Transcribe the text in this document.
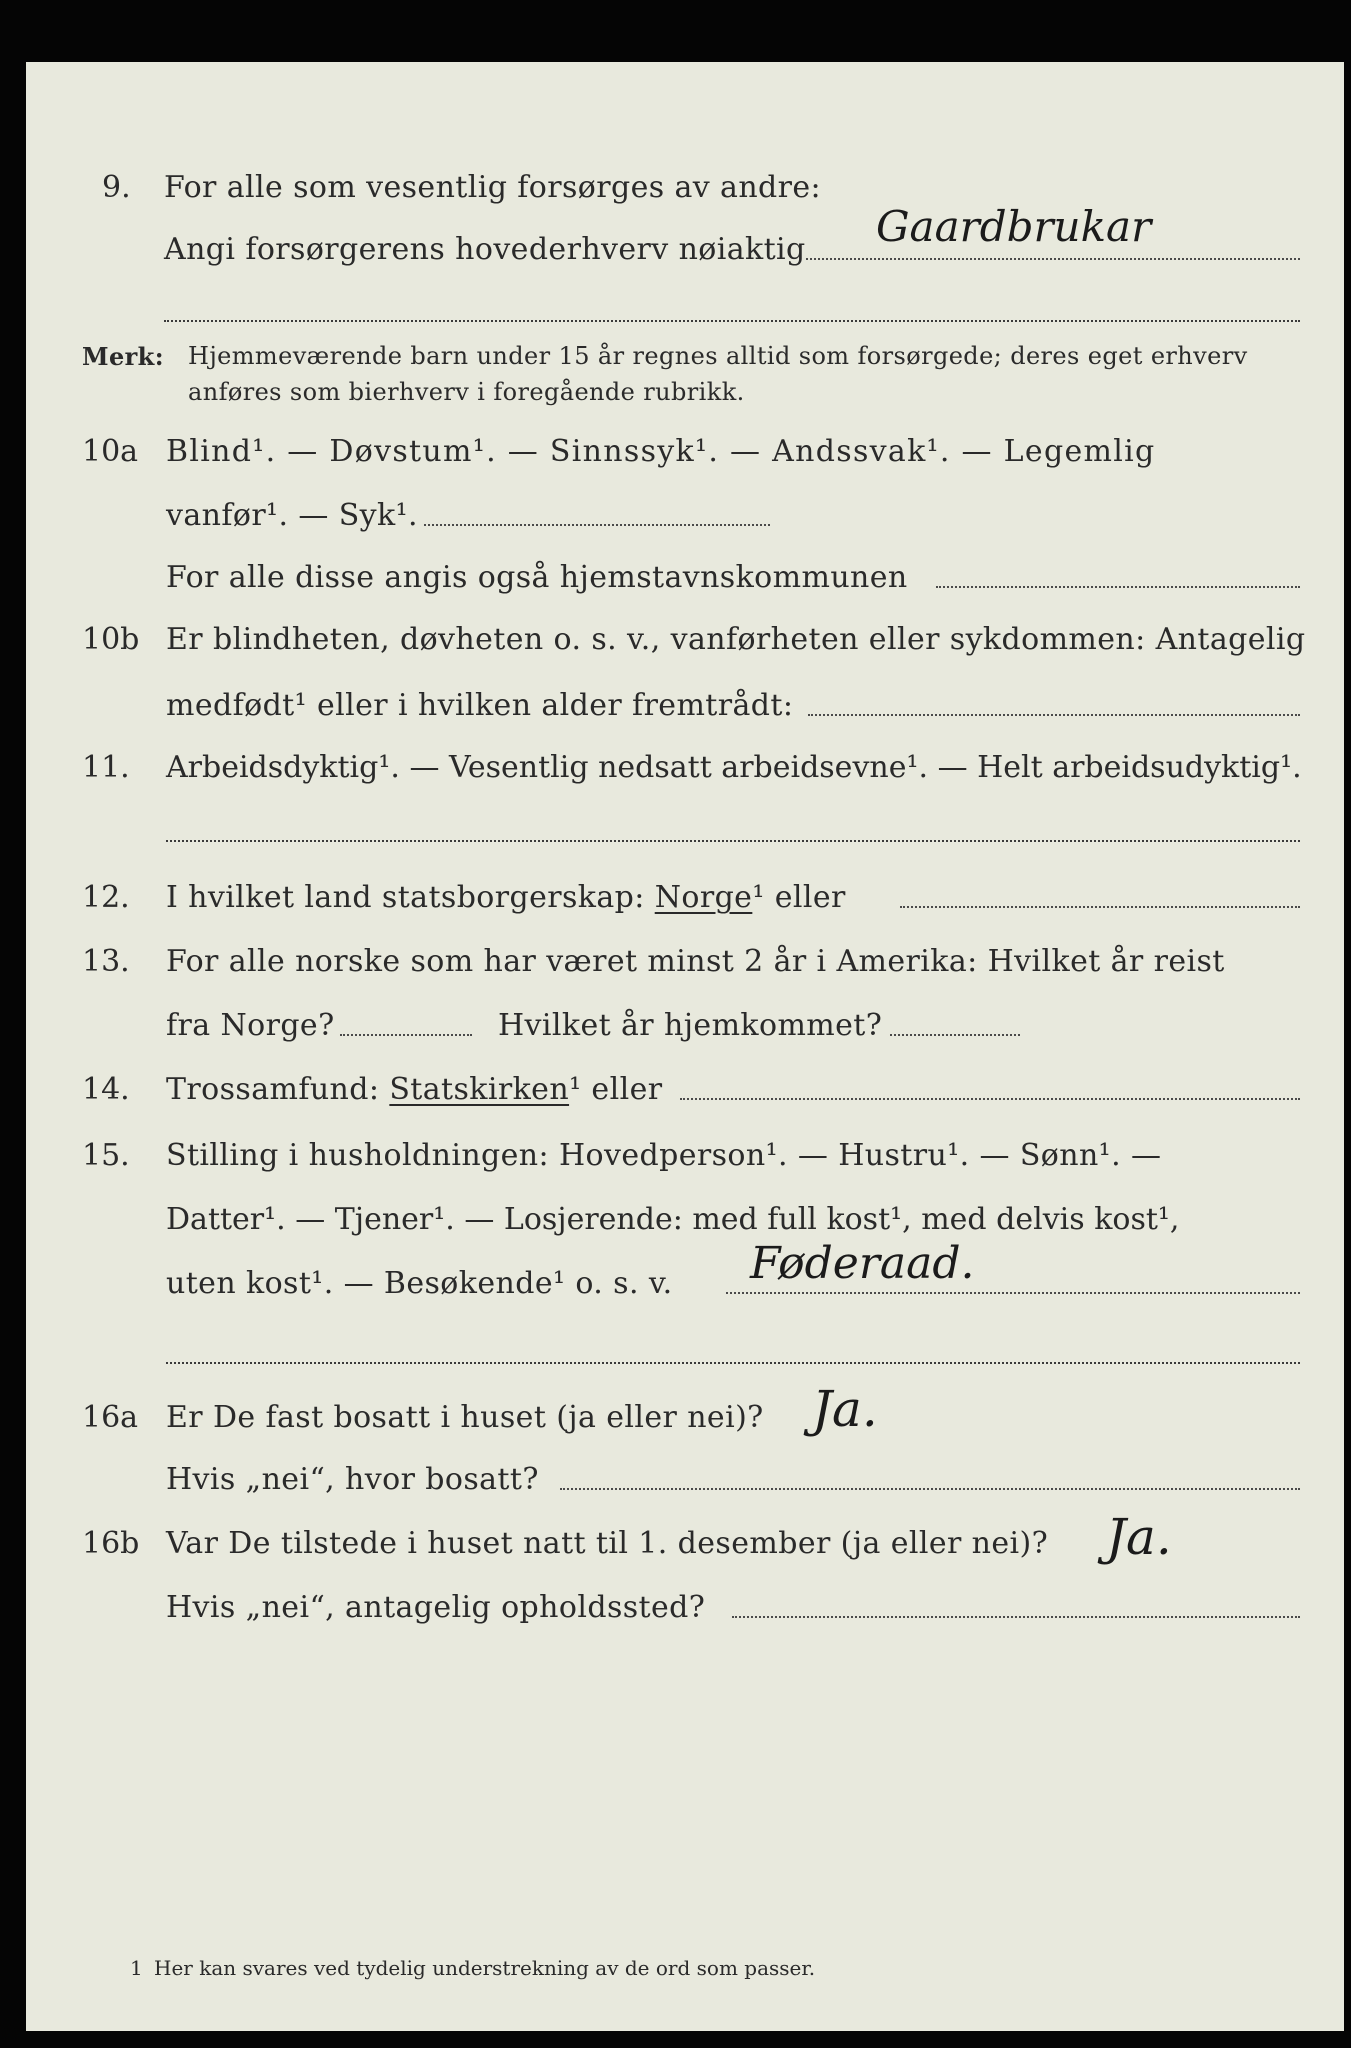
9. For alle som vesentlig forsørges av andre:
Angi forsørgerens hovederhverv nøiaktig Gaardbrukar
Merk: Hjemmeværende barn under 15 år regnes alltid som forsørgede; deres eget erhverv
anføres som bierhverv i foregående rubrikk.
10a Blind¹. — Døvstum¹. — Sinnssyk¹. — Andssvak¹. — Legemlig
vanfør¹. — Syk¹.
For alle disse angis også hjemstavnskommunen
10b Er blindheten, døvheten o. s. v., vanførheten eller sykdommen: Antagelig
medfødt¹ eller i hvilken alder fremtrådt:
11. Arbeidsdyktig¹. — Vesentlig nedsatt arbeidsevne¹. — Helt arbeidsudyktig¹.
12. I hvilket land statsborgerskap: Norge¹ eller
13. For alle norske som har været minst 2 år i Amerika: Hvilket år reist
fra Norge?	Hvilket år hjemkommet?
14. Trossamfund: Statskirken¹ eller
15. Stilling i husholdningen: Hovedperson¹. — Hustru¹. — Sønn¹. —
Datter¹. — Tjener¹. — Losjerende: med full kost¹, med delvis kost¹,
uten kost¹. — Besøkende¹ o. s. v. Føderaad.
16a Er De fast bosatt i huset (ja eller nei)? Ja.
Hvis „nei“, hvor bosatt?
16b Var De tilstede i huset natt til 1. desember (ja eller nei)? Ja.
Hvis „nei“, antagelig opholdssted?
1 Her kan svares ved tydelig understrekning av de ord som passer.
